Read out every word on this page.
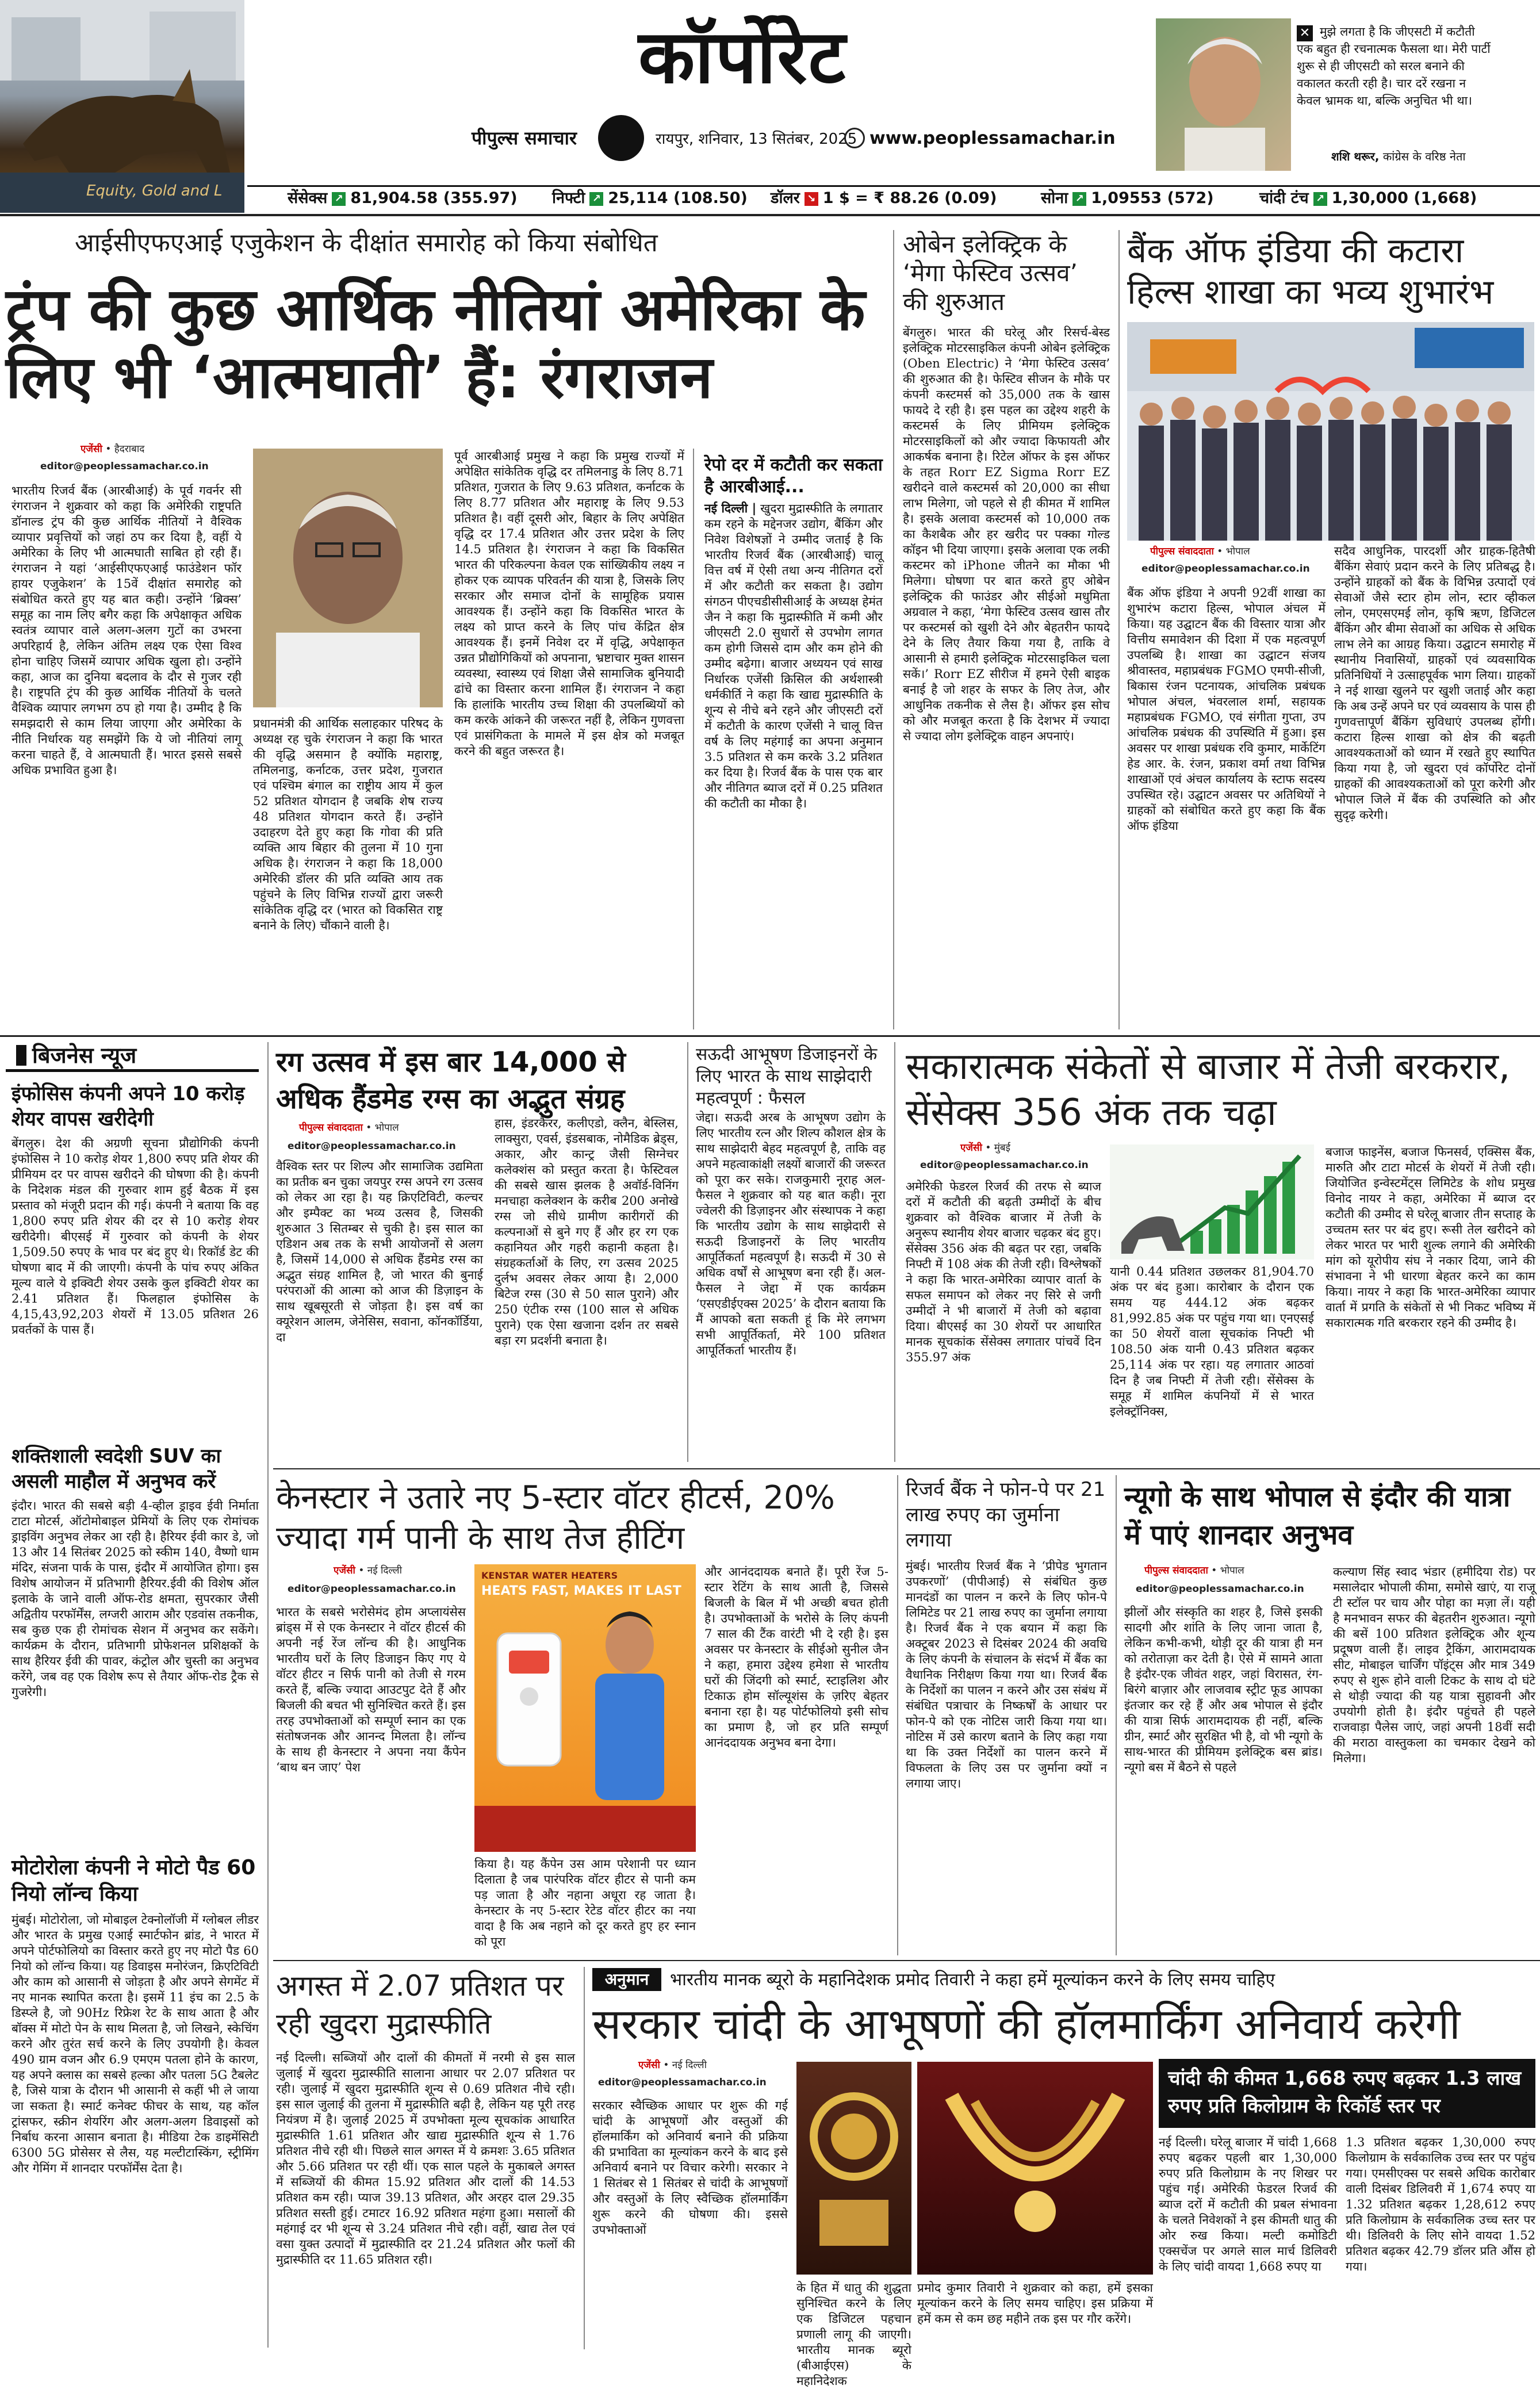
Equity, Gold and L
कॉर्पोरेट
पीपुल्स समाचार	रायपुर, शनिवार, 13 सितंबर, 2025 www.peoplessamachar.in
✕ मुझे लगता है कि जीएसटी में कटौती एक बहुत ही रचनात्मक फैसला था। मेरी पार्टी शुरू से ही जीएसटी को सरल बनाने की वकालत करती रही है। चार दरें रखना न केवल भ्रामक था, बल्कि अनुचित भी था।
शशि थरूर, कांग्रेस के वरिष्ठ नेता
सेंसेक्स ↗ 81,904.58 (355.97) निफ्टी ↗ 25,114 (108.50) डॉलर ↘ 1 $ = ₹ 88.26 (0.09)	सोना ↗ 1,09553 (572)	चांदी टंच ↗ 1,30,000 (1,668)
आईसीएफएआई एजुकेशन के दीक्षांत समारोह को किया संबोधित
ट्रंप की कुछ आर्थिक नीतियां अमेरिका के लिए भी ‘आत्मघाती’ हैं: रंगराजन
एजेंसी • हैदराबाद
editor@peoplessamachar.co.in
भारतीय रिजर्व बैंक (आरबीआई) के पूर्व गवर्नर सी रंगराजन ने शुक्रवार को कहा कि अमेरिकी राष्ट्रपति डॉनाल्ड ट्रंप की कुछ आर्थिक नीतियों ने वैश्विक व्यापार प्रवृत्तियों को जहां ठप कर दिया है, वहीं ये अमेरिका के लिए भी आत्मघाती साबित हो रही हैं। रंगराजन ने यहां ‘आईसीएफएआई फाउंडेशन फॉर हायर एजुकेशन’ के 15वें दीक्षांत समारोह को संबोधित करते हुए यह बात कही। उन्होंने ‘ब्रिक्स’ समूह का नाम लिए बगैर कहा कि अपेक्षाकृत अधिक स्वतंत्र व्यापार वाले अलग-अलग गुटों का उभरना अपरिहार्य है, लेकिन अंतिम लक्ष्य एक ऐसा विश्व होना चाहिए जिसमें व्यापार अधिक खुला हो। उन्होंने कहा, आज का दुनिया बदलाव के दौर से गुजर रही है। राष्ट्रपति ट्रंप की कुछ आर्थिक नीतियों के चलते वैश्विक व्यापार लगभग ठप हो गया है। उम्मीद है कि समझदारी से काम लिया जाएगा और अमेरिका के नीति निर्धारक यह समझेंगे कि ये जो नीतियां लागू करना चाहते हैं, वे आत्मघाती हैं। भारत इससे सबसे अधिक प्रभावित हुआ है।
प्रधानमंत्री की आर्थिक सलाहकार परिषद के अध्यक्ष रह चुके रंगराजन ने कहा कि भारत की वृद्धि असमान है क्योंकि महाराष्ट्र, तमिलनाडु, कर्नाटक, उत्तर प्रदेश, गुजरात एवं पश्चिम बंगाल का राष्ट्रीय आय में कुल 52 प्रतिशत योगदान है जबकि शेष राज्य 48 प्रतिशत योगदान करते हैं। उन्होंने उदाहरण देते हुए कहा कि गोवा की प्रति व्यक्ति आय बिहार की तुलना में 10 गुना अधिक है। रंगराजन ने कहा कि 18,000 अमेरिकी डॉलर की प्रति व्यक्ति आय तक पहुंचने के लिए विभिन्न राज्यों द्वारा जरूरी सांकेतिक वृद्धि दर (भारत को विकसित राष्ट्र बनाने के लिए) चौंकाने वाली है।
पूर्व आरबीआई प्रमुख ने कहा कि प्रमुख राज्यों में अपेक्षित सांकेतिक वृद्धि दर तमिलनाडु के लिए 8.71 प्रतिशत, गुजरात के लिए 9.63 प्रतिशत, कर्नाटक के लिए 8.77 प्रतिशत और महाराष्ट्र के लिए 9.53 प्रतिशत है। वहीं दूसरी ओर, बिहार के लिए अपेक्षित वृद्धि दर 17.4 प्रतिशत और उत्तर प्रदेश के लिए 14.5 प्रतिशत है। रंगराजन ने कहा कि विकसित भारत की परिकल्पना केवल एक सांख्यिकीय लक्ष्य न होकर एक व्यापक परिवर्तन की यात्रा है, जिसके लिए सरकार और समाज दोनों के सामूहिक प्रयास आवश्यक हैं। उन्होंने कहा कि विकसित भारत के लक्ष्य को प्राप्त करने के लिए पांच केंद्रित क्षेत्र आवश्यक हैं। इनमें निवेश दर में वृद्धि, अपेक्षाकृत उन्नत प्रौद्योगिकियों को अपनाना, भ्रष्टाचार मुक्त शासन व्यवस्था, स्वास्थ्य एवं शिक्षा जैसे सामाजिक बुनियादी ढांचे का विस्तार करना शामिल हैं। रंगराजन ने कहा कि हालांकि भारतीय उच्च शिक्षा की उपलब्धियों को कम करके आंकने की जरूरत नहीं है, लेकिन गुणवत्ता एवं प्रासंगिकता के मामले में इस क्षेत्र को मजबूत करने की बहुत जरूरत है।
रेपो दर में कटौती कर सकता है आरबीआई...
नई दिल्ली | खुदरा मुद्रास्फीति के लगातार कम रहने के मद्देनजर उद्योग, बैंकिंग और निवेश विशेषज्ञों ने उम्मीद जताई है कि भारतीय रिजर्व बैंक (आरबीआई) चालू वित्त वर्ष में ऐसी तथा अन्य नीतिगत दरों में और कटौती कर सकता है। उद्योग संगठन पीएचडीसीसीआई के अध्यक्ष हेमंत जैन ने कहा कि मुद्रास्फीति में कमी और जीएसटी 2.0 सुधारों से उपभोग लागत कम होगी जिससे दाम और कम होने की उम्मीद बढ़ेगा। बाजार अध्ययन एवं साख निर्धारक एजेंसी क्रिसिल की अर्थशास्त्री धर्मकीर्ति ने कहा कि खाद्य मुद्रास्फीति के शून्य से नीचे बने रहने और जीएसटी दरों में कटौती के कारण एजेंसी ने चालू वित्त वर्ष के लिए महंगाई का अपना अनुमान 3.5 प्रतिशत से कम करके 3.2 प्रतिशत कर दिया है। रिजर्व बैंक के पास एक बार और नीतिगत ब्याज दरों में 0.25 प्रतिशत की कटौती का मौका है।
ओबेन इलेक्ट्रिक के ‘मेगा फेस्टिव उत्सव’ की शुरुआत
बेंगलुरु। भारत की घरेलू और रिसर्च-बेस्ड इलेक्ट्रिक मोटरसाइकिल कंपनी ओबेन इलेक्ट्रिक (Oben Electric) ने ‘मेगा फेस्टिव उत्सव’ की शुरुआत की है। फेस्टिव सीजन के मौके पर कंपनी कस्टमर्स को 35,000 तक के खास फायदे दे रही है। इस पहल का उद्देश्य शहरी के कस्टमर्स के लिए प्रीमियम इलेक्ट्रिक मोटरसाइकिलों को और ज्यादा किफायती और आकर्षक बनाना है। रिटेल ऑफर के इस ऑफर के तहत Rorr EZ Sigma Rorr EZ खरीदने वाले कस्टमर्स को 20,000 का सीधा लाभ मिलेगा, जो पहले से ही कीमत में शामिल है। इसके अलावा कस्टमर्स को 10,000 तक का कैशबैक और हर खरीद पर पक्का गोल्ड कॉइन भी दिया जाएगा। इसके अलावा एक लकी कस्टमर को iPhone जीतने का मौका भी मिलेगा। घोषणा पर बात करते हुए ओबेन इलेक्ट्रिक की फाउंडर और सीईओ मधुमिता अग्रवाल ने कहा, ‘मेगा फेस्टिव उत्सव खास तौर पर कस्टमर्स को खुशी देने और बेहतरीन फायदे देने के लिए तैयार किया गया है, ताकि वे आसानी से हमारी इलेक्ट्रिक मोटरसाइकिल चला सकें।’ Rorr EZ सीरीज में हमने ऐसी बाइक बनाई है जो शहर के सफर के लिए तेज, और आधुनिक तकनीक से लैस है। ऑफर इस सोच को और मजबूत करता है कि देशभर में ज्यादा से ज्यादा लोग इलेक्ट्रिक वाहन अपनाएं।
बैंक ऑफ इंडिया की कटारा हिल्स शाखा का भव्य शुभारंभ
पीपुल्स संवाददाता • भोपाल
editor@peoplessamachar.co.in
बैंक ऑफ इंडिया ने अपनी 92वीं शाखा का शुभारंभ कटारा हिल्स, भोपाल अंचल में किया। यह उद्घाटन बैंक की विस्तार यात्रा और वित्तीय समावेशन की दिशा में एक महत्वपूर्ण उपलब्धि है। शाखा का उद्घाटन संजय श्रीवास्तव, महाप्रबंधक FGMO एमपी-सीजी, बिकास रंजन पटनायक, आंचलिक प्रबंधक भोपाल अंचल, भंवरलाल शर्मा, सहायक महाप्रबंधक FGMO, एवं संगीता गुप्ता, उप आंचलिक प्रबंधक की उपस्थिति में हुआ। इस अवसर पर शाखा प्रबंधक रवि कुमार, मार्केटिंग हेड आर. के. रंजन, प्रकाश वर्मा तथा विभिन्न शाखाओं एवं अंचल कार्यालय के स्टाफ सदस्य उपस्थित रहे। उद्घाटन अवसर पर अतिथियों ने ग्राहकों को संबोधित करते हुए कहा कि बैंक ऑफ इंडिया
सदैव आधुनिक, पारदर्शी और ग्राहक-हितैषी बैंकिंग सेवाएं प्रदान करने के लिए प्रतिबद्ध है। उन्होंने ग्राहकों को बैंक के विभिन्न उत्पादों एवं सेवाओं जैसे स्टार होम लोन, स्टार व्हीकल लोन, एमएसएमई लोन, कृषि ऋण, डिजिटल बैंकिंग और बीमा सेवाओं का अधिक से अधिक लाभ लेने का आग्रह किया। उद्घाटन समारोह में स्थानीय निवासियों, ग्राहकों एवं व्यवसायिक प्रतिनिधियों ने उत्साहपूर्वक भाग लिया। ग्राहकों ने नई शाखा खुलने पर खुशी जताई और कहा कि अब उन्हें अपने घर एवं व्यवसाय के पास ही गुणवत्तापूर्ण बैंकिंग सुविधाएं उपलब्ध होंगी। कटारा हिल्स शाखा को क्षेत्र की बढ़ती आवश्यकताओं को ध्यान में रखते हुए स्थापित किया गया है, जो खुदरा एवं कॉर्पोरेट दोनों ग्राहकों की आवश्यकताओं को पूरा करेगी और भोपाल जिले में बैंक की उपस्थिति को और सुदृढ़ करेगी।
बिजनेस न्यूज
इंफोसिस कंपनी अपने 10 करोड़ शेयर वापस खरीदेगी
बेंगलुरु। देश की अग्रणी सूचना प्रौद्योगिकी कंपनी इंफोसिस ने 10 करोड़ शेयर 1,800 रुपए प्रति शेयर की प्रीमियम दर पर वापस खरीदने की घोषणा की है। कंपनी के निदेशक मंडल की गुरुवार शाम हुई बैठक में इस प्रस्ताव को मंजूरी प्रदान की गई। कंपनी ने बताया कि वह 1,800 रुपए प्रति शेयर की दर से 10 करोड़ शेयर खरीदेगी। बीएसई में गुरुवार को कंपनी के शेयर 1,509.50 रुपए के भाव पर बंद हुए थे। रिकॉर्ड डेट की घोषणा बाद में की जाएगी। कंपनी के पांच रुपए अंकित मूल्य वाले ये इक्विटी शेयर उसके कुल इक्विटी शेयर का 2.41 प्रतिशत हैं। फिलहाल इंफोसिस के 4,15,43,92,203 शेयरों में 13.05 प्रतिशत 26 प्रवर्तकों के पास हैं।
शक्तिशाली स्वदेशी SUV का असली माहौल में अनुभव करें
इंदौर। भारत की सबसे बड़ी 4-व्हील ड्राइव ईवी निर्माता टाटा मोटर्स, ऑटोमोबाइल प्रेमियों के लिए एक रोमांचक ड्राइविंग अनुभव लेकर आ रही है। हैरियर ईवी कार डे, जो 13 और 14 सितंबर 2025 को स्कीम 140, वैष्णो धाम मंदिर, संजना पार्क के पास, इंदौर में आयोजित होगा। इस विशेष आयोजन में प्रतिभागी हैरियर.ईवी की विशेष ऑल इलाके के जाने वाली ऑफ-रोड क्षमता, सुपरकार जैसी अद्वितीय परफॉर्मेंस, लग्जरी आराम और एडवांस तकनीक, सब कुछ एक ही रोमांचक सेशन में अनुभव कर सकेंगे। कार्यक्रम के दौरान, प्रतिभागी प्रोफेशनल प्रशिक्षकों के साथ हैरियर ईवी की पावर, कंट्रोल और चुस्ती का अनुभव करेंगे, जब वह एक विशेष रूप से तैयार ऑफ-रोड ट्रैक से गुजरेगी।
मोटोरोला कंपनी ने मोटो पैड 60 नियो लॉन्च किया
मुंबई। मोटोरोला, जो मोबाइल टेक्नोलॉजी में ग्लोबल लीडर और भारत के प्रमुख एआई स्मार्टफोन ब्रांड, ने भारत में अपने पोर्टफोलियो का विस्तार करते हुए नए मोटो पैड 60 नियो को लॉन्च किया। यह डिवाइस मनोरंजन, क्रिएटिविटी और काम को आसानी से जोड़ता है और अपने सेगमेंट में नए मानक स्थापित करता है। इसमें 11 इंच का 2.5 के डिस्प्ले है, जो 90Hz रिफ्रेश रेट के साथ आता है और बॉक्स में मोटो पेन के साथ मिलता है, जो लिखने, स्केचिंग करने और तुरंत सर्च करने के लिए उपयोगी है। केवल 490 ग्राम वजन और 6.9 एमएम पतला होने के कारण, यह अपने क्लास का सबसे हल्का और पतला 5G टैबलेट है, जिसे यात्रा के दौरान भी आसानी से कहीं भी ले जाया जा सकता है। स्मार्ट कनेक्ट फीचर के साथ, यह कॉल ट्रांसफर, स्क्रीन शेयरिंग और अलग-अलग डिवाइसों को निर्बाध करना आसान बनाता है। मीडिया टेक डाइमेंसिटी 6300 5G प्रोसेसर से लैस, यह मल्टीटास्किंग, स्ट्रीमिंग और गेमिंग में शानदार परफॉर्मेंस देता है।
रग उत्सव में इस बार 14,000 से अधिक हैंडमेड रग्स का अद्भुत संग्रह
पीपुल्स संवाददाता • भोपाल
editor@peoplessamachar.co.in
वैश्विक स्तर पर शिल्प और सामाजिक उद्यमिता का प्रतीक बन चुका जयपुर रग्स अपने रग उत्सव को लेकर आ रहा है। यह क्रिएटिविटी, कल्चर और इम्पैक्ट का भव्य उत्सव है, जिसकी शुरुआत 3 सितम्बर से चुकी है। इस साल का एडिशन अब तक के सभी आयोजनों से अलग है, जिसमें 14,000 से अधिक हैंडमेड रग्स का अद्भुत संग्रह शामिल है, जो भारत की बुनाई परंपराओं की आत्मा को आज की डिज़ाइन के साथ खूबसूरती से जोड़ता है। इस वर्ष का क्यूरेशन आलम, जेनेसिस, सवाना, कॉनकॉर्डिया, दा
हास, इंडरकैरर, कलीएडो, क्लैन, बेस्लिस, लाक्सुरा, एवर्स, इंडसबाक, नोमैडिक ब्रेड्स, अकार, और कान्ट्र जैसी सिग्नेचर कलेक्शंस को प्रस्तुत करता है। फेस्टिवल की सबसे खास झलक है अवॉर्ड-विनिंग मनचाहा कलेक्शन के करीब 200 अनोखे रग्स जो सीधे ग्रामीण कारीगरों की कल्पनाओं से बुने गए हैं और हर रग एक कहानियत और गहरी कहानी कहता है। संग्रहकर्ताओं के लिए, रग उत्सव 2025 दुर्लभ अवसर लेकर आया है। 2,000 बिटेज रग्स (30 से 50 साल पुराने) और 250 एंटीक रग्स (100 साल से अधिक पुराने) एक ऐसा खजाना दर्शन तर सबसे बड़ा रग प्रदर्शनी बनाता है।
सऊदी आभूषण डिजाइनरों के लिए भारत के साथ साझेदारी महत्वपूर्ण : फैसल
जेद्दा। सऊदी अरब के आभूषण उद्योग के लिए भारतीय रत्न और शिल्प कौशल क्षेत्र के साथ साझेदारी बेहद महत्वपूर्ण है, ताकि वह अपने महत्वाकांक्षी लक्ष्यों बाजारों की जरूरत को पूरा कर सके। राजकुमारी नूराह अल-फैसल ने शुक्रवार को यह बात कही। नूरा ज्वेलरी की डिज़ाइनर और संस्थापक ने कहा कि भारतीय उद्योग के साथ साझेदारी से सऊदी डिजाइनरों के लिए भारतीय आपूर्तिकर्ता महत्वपूर्ण है। सऊदी में 30 से अधिक वर्षों से आभूषण बना रही हैं। अल-फैसल ने जेद्दा में एक कार्यक्रम ‘एसएडीईएक्स 2025’ के दौरान बताया कि मैं आपको बता सकती हूं कि मेरे लगभग सभी आपूर्तिकर्ता, मेरे 100 प्रतिशत आपूर्तिकर्ता भारतीय हैं।
सकारात्मक संकेतों से बाजार में तेजी बरकरार, सेंसेक्स 356 अंक तक चढ़ा
एजेंसी • मुंबई
editor@peoplessamachar.co.in
अमेरिकी फेडरल रिजर्व की तरफ से ब्याज दरों में कटौती की बढ़ती उम्मीदों के बीच शुक्रवार को वैश्विक बाजार में तेजी के अनुरूप स्थानीय शेयर बाजार चढ़कर बंद हुए। सेंसेक्स 356 अंक की बढ़त पर रहा, जबकि निफ्टी में 108 अंक की तेजी रही। विश्लेषकों ने कहा कि भारत-अमेरिका व्यापार वार्ता के सफल समापन को लेकर नए सिरे से जगी उम्मीदों ने भी बाजारों में तेजी को बढ़ावा दिया। बीएसई का 30 शेयरों पर आधारित मानक सूचकांक सेंसेक्स लगातार पांचवें दिन 355.97 अंक
यानी 0.44 प्रतिशत उछलकर 81,904.70 अंक पर बंद हुआ। कारोबार के दौरान एक समय यह 444.12 अंक बढ़कर 81,992.85 अंक पर पहुंच गया था। एनएसई का 50 शेयरों वाला सूचकांक निफ्टी भी 108.50 अंक यानी 0.43 प्रतिशत बढ़कर 25,114 अंक पर रहा। यह लगातार आठवां दिन है जब निफ्टी में तेजी रही। सेंसेक्स के समूह में शामिल कंपनियों में से भारत इलेक्ट्रॉनिक्स,
बजाज फाइनेंस, बजाज फिनसर्व, एक्सिस बैंक, मारुति और टाटा मोटर्स के शेयरों में तेजी रही। जियोजित इन्वेस्टमेंट्स लिमिटेड के शोध प्रमुख विनोद नायर ने कहा, अमेरिका में ब्याज दर कटौती की उम्मीद से घरेलू बाजार तीन सप्ताह के उच्चतम स्तर पर बंद हुए। रूसी तेल खरीदने को लेकर भारत पर भारी शुल्क लगाने की अमेरिकी मांग को यूरोपीय संघ ने नकार दिया, जाने की संभावना ने भी धारणा बेहतर करने का काम किया। नायर ने कहा कि भारत-अमेरिका व्यापार वार्ता में प्रगति के संकेतों से भी निकट भविष्य में सकारात्मक गति बरकरार रहने की उम्मीद है।
केनस्टार ने उतारे नए 5-स्टार वॉटर हीटर्स, 20% ज्यादा गर्म पानी के साथ तेज हीटिंग
एजेंसी • नई दिल्ली
editor@peoplessamachar.co.in
भारत के सबसे भरोसेमंद होम अप्लायंसेस ब्रांड्स में से एक केनस्टार ने वॉटर हीटर्स की अपनी नई रेंज लॉन्च की है। आधुनिक भारतीय घरों के लिए डिजाइन किए गए ये वॉटर हीटर न सिर्फ पानी को तेजी से गरम करते हैं, बल्कि ज्यादा आउटपुट देते हैं और बिजली की बचत भी सुनिश्चित करते हैं। इस तरह उपभोक्ताओं को सम्पूर्ण स्नान का एक संतोषजनक और आनन्द मिलता है। लॉन्च के साथ ही केनस्टार ने अपना नया कैंपेन ‘बाथ बन जाए’ पेश
KENSTAR WATER HEATERS
HEATS FAST, MAKES IT LAST
किया है। यह कैंपेन उस आम परेशानी पर ध्यान दिलाता है जब पारंपरिक वॉटर हीटर से पानी कम पड़ जाता है और नहाना अधूरा रह जाता है। केनस्टार के नए 5-स्टार रेटेड वॉटर हीटर का नया वादा है कि अब नहाने को दूर करते हुए हर स्नान को पूरा
और आनंददायक बनाते हैं। पूरी रेंज 5-स्टार रेटिंग के साथ आती है, जिससे बिजली के बिल में भी अच्छी बचत होती है। उपभोक्ताओं के भरोसे के लिए कंपनी 7 साल की टैंक वारंटी भी दे रही है। इस अवसर पर केनस्टार के सीईओ सुनील जैन ने कहा, हमारा उद्देश्य हमेशा से भारतीय घरों की जिंदगी को स्मार्ट, स्टाइलिश और टिकाऊ होम सॉल्यूशंस के ज़रिए बेहतर बनाना रहा है। यह पोर्टफोलियो इसी सोच का प्रमाण है, जो हर प्रति सम्पूर्ण आनंददायक अनुभव बना देगा।
रिजर्व बैंक ने फोन-पे पर 21 लाख रुपए का जुर्माना लगाया
मुंबई। भारतीय रिजर्व बैंक ने ‘प्रीपेड भुगतान उपकरणों’ (पीपीआई) से संबंधित कुछ मानदंडों का पालन न करने के लिए फोन-पे लिमिटेड पर 21 लाख रुपए का जुर्माना लगाया है। रिजर्व बैंक ने एक बयान में कहा कि अक्टूबर 2023 से दिसंबर 2024 की अवधि के लिए कंपनी के संचालन के संदर्भ में बैंक का वैधानिक निरीक्षण किया गया था। रिजर्व बैंक के निर्देशों का पालन न करने और उस संबंध में संबंधित पत्राचार के निष्कर्षों के आधार पर फोन-पे को एक नोटिस जारी किया गया था। नोटिस में उसे कारण बताने के लिए कहा गया था कि उक्त निर्देशों का पालन करने में विफलता के लिए उस पर जुर्माना क्यों न लगाया जाए।
न्यूगो के साथ भोपाल से इंदौर की यात्रा में पाएं शानदार अनुभव
पीपुल्स संवाददाता • भोपाल
editor@peoplessamachar.co.in
झीलों और संस्कृति का शहर है, जिसे इसकी सादगी और शांति के लिए जाना जाता है, लेकिन कभी-कभी, थोड़ी दूर की यात्रा ही मन को तरोताज़ा कर देती है। ऐसे में सामने आता है इंदौर-एक जीवंत शहर, जहां विरासत, रंग-बिरंगे बाज़ार और लाजवाब स्ट्रीट फूड आपका इंतजार कर रहे हैं और अब भोपाल से इंदौर की यात्रा सिर्फ आरामदायक ही नहीं, बल्कि ग्रीन, स्मार्ट और सुरक्षित भी है, वो भी न्यूगो के साथ-भारत की प्रीमियम इलेक्ट्रिक बस ब्रांड। न्यूगो बस में बैठने से पहले
कल्याण सिंह स्वाद भंडार (हमीदिया रोड) पर मसालेदार भोपाली कीमा, समोसे खाएं, या राजू टी स्टॉल पर चाय और पोहा का मज़ा लें। यही है मनभावन सफर की बेहतरीन शुरुआत। न्यूगो की बसें 100 प्रतिशत इलेक्ट्रिक और शून्य प्रदूषण वाली हैं। लाइव ट्रैकिंग, आरामदायक सीट, मोबाइल चार्जिंग पॉइंट्स और मात्र 349 रुपए से शुरू होने वाली टिकट के साथ दो घंटे से थोड़ी ज्यादा की यह यात्रा सुहावनी और उपयोगी होती है। इंदौर पहुंचते ही पहले राजवाड़ा पैलेस जाएं, जहां अपनी 18वीं सदी की मराठा वास्तुकला का चमकार देखने को मिलेगा।
अगस्त में 2.07 प्रतिशत पर रही खुदरा मुद्रास्फीति
नई दिल्ली। सब्जियों और दालों की कीमतों में नरमी से इस साल जुलाई में खुदरा मुद्रास्फीति सालाना आधार पर 2.07 प्रतिशत पर रही। जुलाई में खुदरा मुद्रास्फीति शून्य से 0.69 प्रतिशत नीचे रही। इस साल जुलाई की तुलना में मुद्रास्फीति बढ़ी है, लेकिन यह पूरी तरह नियंत्रण में है। जुलाई 2025 में उपभोक्ता मूल्य सूचकांक आधारित मुद्रास्फीति 1.61 प्रतिशत और खाद्य मुद्रास्फीति शून्य से 1.76 प्रतिशत नीचे रही थी। पिछले साल अगस्त में ये क्रमशः 3.65 प्रतिशत और 5.66 प्रतिशत पर रही थीं। एक साल पहले के मुकाबले अगस्त में सब्जियों की कीमत 15.92 प्रतिशत और दालों की 14.53 प्रतिशत कम रही। प्याज 39.13 प्रतिशत, और अरहर दाल 29.35 प्रतिशत सस्ती हुई। टमाटर 16.92 प्रतिशत महंगा हुआ। मसालों की महंगाई दर भी शून्य से 3.24 प्रतिशत नीचे रही। वहीं, खाद्य तेल एवं वसा युक्त उत्पादों में मुद्रास्फीति दर 21.24 प्रतिशत और फलों की मुद्रास्फीति दर 11.65 प्रतिशत रही।
अनुमान	भारतीय मानक ब्यूरो के महानिदेशक प्रमोद तिवारी ने कहा हमें मूल्यांकन करने के लिए समय चाहिए
सरकार चांदी के आभूषणों की हॉलमार्किंग अनिवार्य करेगी
एजेंसी • नई दिल्ली
editor@peoplessamachar.co.in
सरकार स्वैच्छिक आधार पर शुरू की गई चांदी के आभूषणों और वस्तुओं की हॉलमार्किंग को अनिवार्य बनाने की प्रक्रिया की प्रभाविता का मूल्यांकन करने के बाद इसे अनिवार्य बनाने पर विचार करेगी। सरकार ने 1 सितंबर से 1 सितंबर से चांदी के आभूषणों और वस्तुओं के लिए स्वैच्छिक हॉलमार्किंग शुरू करने की घोषणा की। इससे उपभोक्ताओं
के हित में धातु की शुद्धता सुनिश्चित करने के लिए एक डिजिटल पहचान प्रणाली लागू की जाएगी। भारतीय मानक ब्यूरो (बीआईएस) के महानिदेशक
प्रमोद कुमार तिवारी ने शुक्रवार को कहा, हमें इसका मूल्यांकन करने के लिए समय चाहिए। इस प्रक्रिया में हमें कम से कम छह महीने तक इस पर गौर करेंगे।
चांदी की कीमत 1,668 रुपए बढ़कर 1.3 लाख रुपए प्रति किलोग्राम के रिकॉर्ड स्तर पर
नई दिल्ली। घरेलू बाजार में चांदी 1,668 रुपए बढ़कर पहली बार 1,30,000 रुपए प्रति किलोग्राम के नए शिखर पर पहुंच गई। अमेरिकी फेडरल रिजर्व की ब्याज दरों में कटौती की प्रबल संभावना के चलते निवेशकों ने इस कीमती धातु की ओर रुख किया। मल्टी कमोडिटी एक्सचेंज पर अगले साल मार्च डिलिवरी के लिए चांदी वायदा 1,668 रुपए या
1.3 प्रतिशत बढ़कर 1,30,000 रुपए किलोग्राम के सर्वकालिक उच्च स्तर पर पहुंच गया। एमसीएक्स पर सबसे अधिक कारोबार वाली दिसंबर डिलिवरी में 1,674 रुपए या 1.32 प्रतिशत बढ़कर 1,28,612 रुपए प्रति किलोग्राम के सर्वकालिक उच्च स्तर पर थी। डिलिवरी के लिए सोने वायदा 1.52 प्रतिशत बढ़कर 42.79 डॉलर प्रति औंस हो गया।
